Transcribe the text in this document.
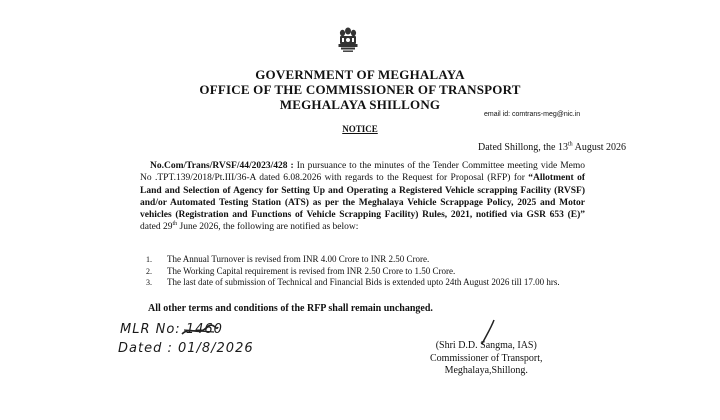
GOVERNMENT OF MEGHALAYA
OFFICE OF THE COMMISSIONER OF TRANSPORT
MEGHALAYA SHILLONG
email id: comtrans-meg@nic.in
NOTICE
Dated Shillong, the 13th August 2026
No.Com/Trans/RVSF/44/2023/428 : In pursuance to the minutes of the Tender Committee meeting vide Memo No .TPT.139/2018/Pt.III/36-A dated 6.08.2026 with regards to the Request for Proposal (RFP) for “Allotment of Land and Selection of Agency for Setting Up and Operating a Registered Vehicle scrapping Facility (RVSF) and/or Automated Testing Station (ATS) as per the Meghalaya Vehicle Scrappage Policy, 2025 and Motor vehicles (Registration and Functions of Vehicle Scrapping Facility) Rules, 2021, notified via GSR 653 (E)” dated 29th June 2026, the following are notified as below:
1. The Annual Turnover is revised from INR 4.00 Crore to INR 2.50 Crore.
2. The Working Capital requirement is revised from INR 2.50 Crore to 1.50 Crore.
3. The last date of submission of Technical and Financial Bids is extended upto 24th August 2026 till 17.00 hrs.
All other terms and conditions of the RFP shall remain unchanged.
MLR No: 1460
Dated : 01/8/2026	(Shri D.D. Sangma, IAS)
Commissioner of Transport,
Meghalaya,Shillong.
